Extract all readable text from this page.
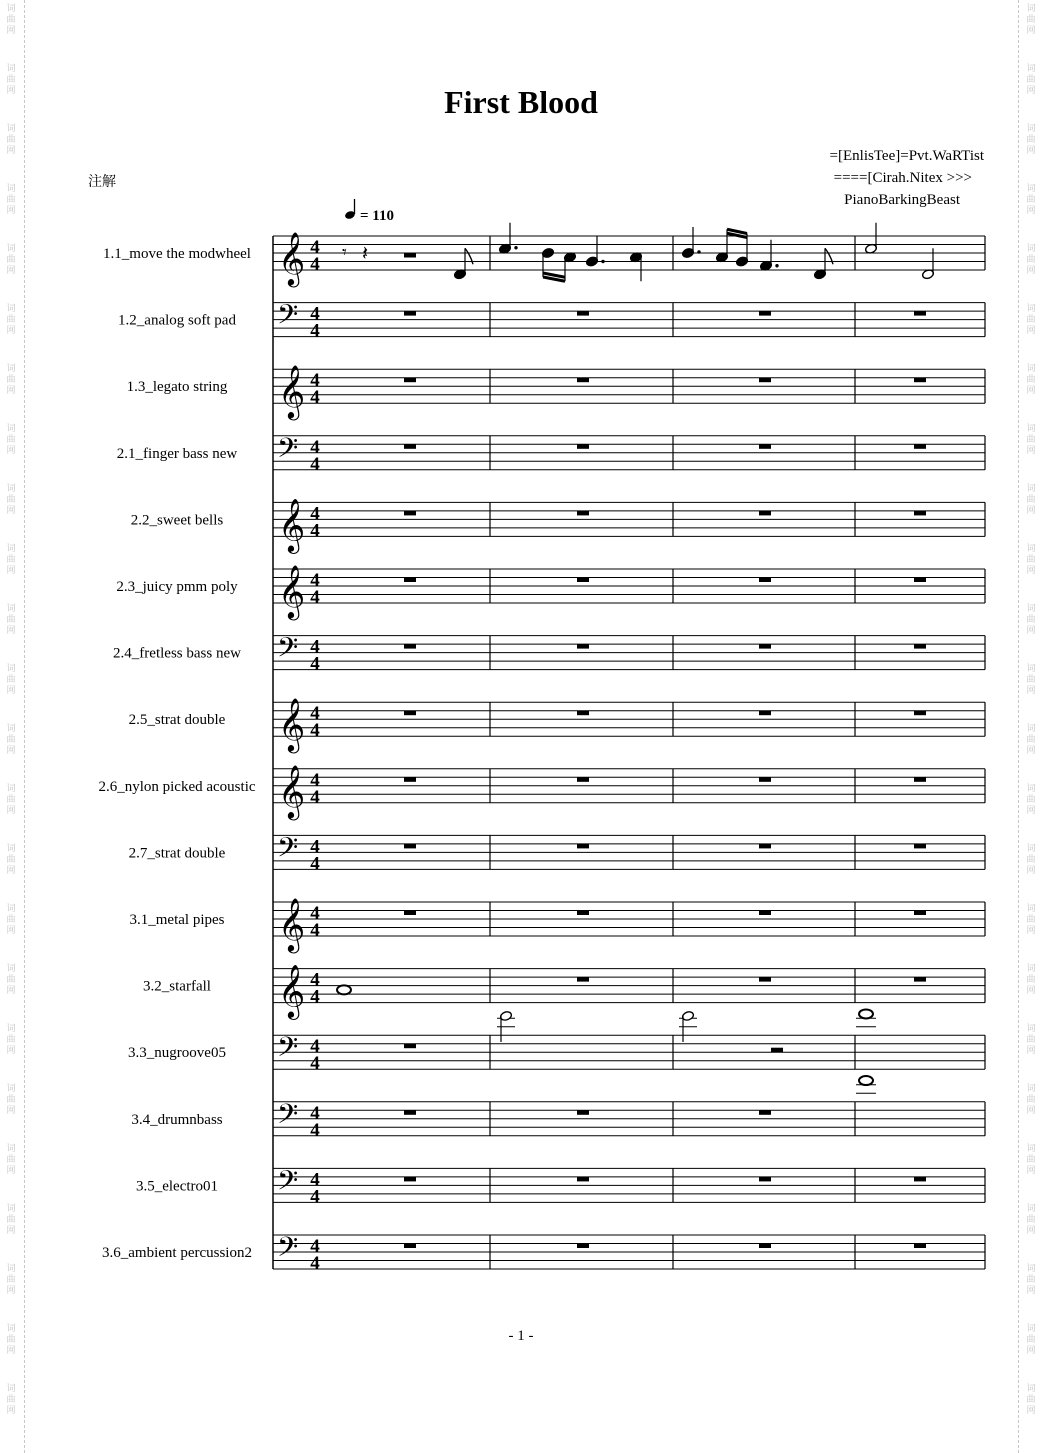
词
曲
网
词
曲
网
词
曲
网
词
曲
网
词
曲
网
词
曲
网
词
曲
网
词
曲
网
词
曲
网
词
曲
网
词
曲
网
词
曲
网
词
曲
网
词
曲
网
词
曲
网
词
曲
网
词
曲
网
词
曲
网
词
曲
网
词
曲
网
词
曲
网
词
曲
网
词
曲
网
词
曲
网
词
曲
网
词
曲
网
词
曲
网
词
曲
网
词
曲
网
词
曲
网
词
曲
网
词
曲
网
词
曲
网
词
曲
网
词
曲
网
词
曲
网
词
曲
网
词
曲
网
词
曲
网
词
曲
网
词
曲
网
词
曲
网
词
曲
网
词
曲
网
词
曲
网
词
曲
网
词
曲
网
词
曲
网
First Blood
=[EnlisTee]=Pvt.WaRTist
====[Cirah.Nitex >>>
PianoBarkingBeast
注解
= 110
1.1_move the modwheel 𝄞 4
4
1.2_analog soft pad 𝄢 4
4
1.3_legato string 𝄞 4
4
2.1_finger bass new 𝄢 4
4
2.2_sweet bells 𝄞 4
4
2.3_juicy pmm poly 𝄞 4
4
2.4_fretless bass new 𝄢 4
4
2.5_strat double 𝄞 4
4
2.6_nylon picked acoustic 𝄞 4
4
2.7_strat double 𝄢 4
4
3.1_metal pipes 𝄞 4
4
3.2_starfall 𝄞 4
4
3.3_nugroove05 𝄢 4
4
3.4_drumnbass 𝄢 4
4
3.5_electro01 𝄢 4
4
3.6_ambient percussion2 𝄢 4
4
𝄾 𝄽
- 1 -
